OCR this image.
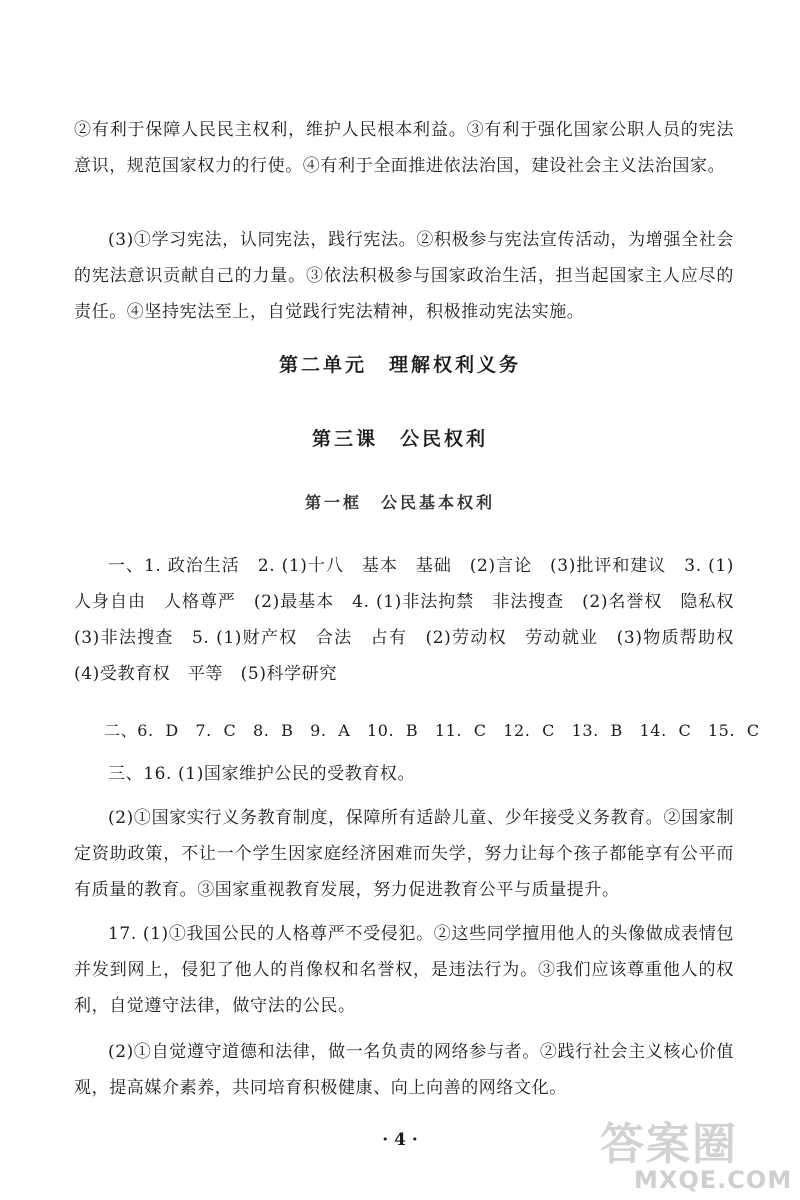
②有利于保障人民民主权利，维护人民根本利益。③有利于强化国家公职人员的宪法意识，规范国家权力的行使。④有利于全面推进依法治国，建设社会主义法治国家。

(3)①学习宪法，认同宪法，践行宪法。②积极参与宪法宣传活动，为增强全社会的宪法意识贡献自己的力量。③依法积极参与国家政治生活，担当起国家主人应尽的责任。④坚持宪法至上，自觉践行宪法精神，积极推动宪法实施。

第二单元　理解权利义务
第三课　公民权利
第一框　公民基本权利

一、1. 政治生活　2. (1)十八　基本　基础　(2)言论　(3)批评和建议　3. (1)人身自由　人格尊严　(2)最基本　4. (1)非法拘禁　非法搜查　(2)名誉权　隐私权　(3)非法搜查　5. (1)财产权　合法　占有　(2)劳动权　劳动就业　(3)物质帮助权　(4)受教育权　平等　(5)科学研究

二、6. D　7. C　8. B　9. A　10. B　11. C　12. C　13. B　14. C　15. C

三、16. (1)国家维护公民的受教育权。

(2)①国家实行义务教育制度，保障所有适龄儿童、少年接受义务教育。②国家制定资助政策，不让一个学生因家庭经济困难而失学，努力让每个孩子都能享有公平而有质量的教育。③国家重视教育发展，努力促进教育公平与质量提升。

17. (1)①我国公民的人格尊严不受侵犯。②这些同学擅用他人的头像做成表情包并发到网上，侵犯了他人的肖像权和名誉权，是违法行为。③我们应该尊重他人的权利，自觉遵守法律，做守法的公民。

(2)①自觉遵守道德和法律，做一名负责的网络参与者。②践行社会主义核心价值观，提高媒介素养，共同培育积极健康、向上向善的网络文化。

· 4 ·	答案圈
MXQE.COM
